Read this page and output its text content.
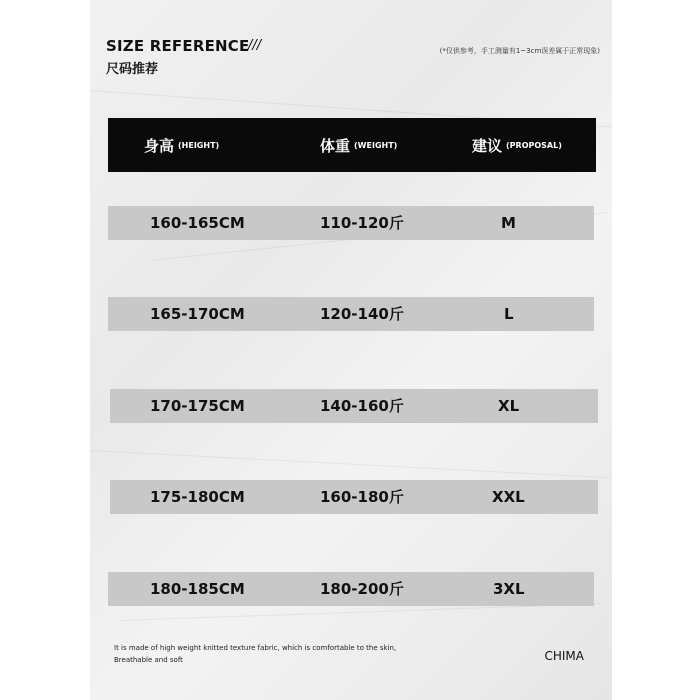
SIZE REFERENCE
///
尺码推荐
(*仅供参考，手工测量有1~3cm误差属于正常现象)
身高 (HEIGHT)	体重 (WEIGHT)	建议 (PROPOSAL)
160-165CM	110-120斤	M
165-170CM	120-140斤	L
170-175CM	140-160斤	XL
175-180CM	160-180斤	XXL
180-185CM	180-200斤	3XL
It is made of high weight knitted texture fabric, which is comfortable to the skin, Breathable and soft	CHIMA
